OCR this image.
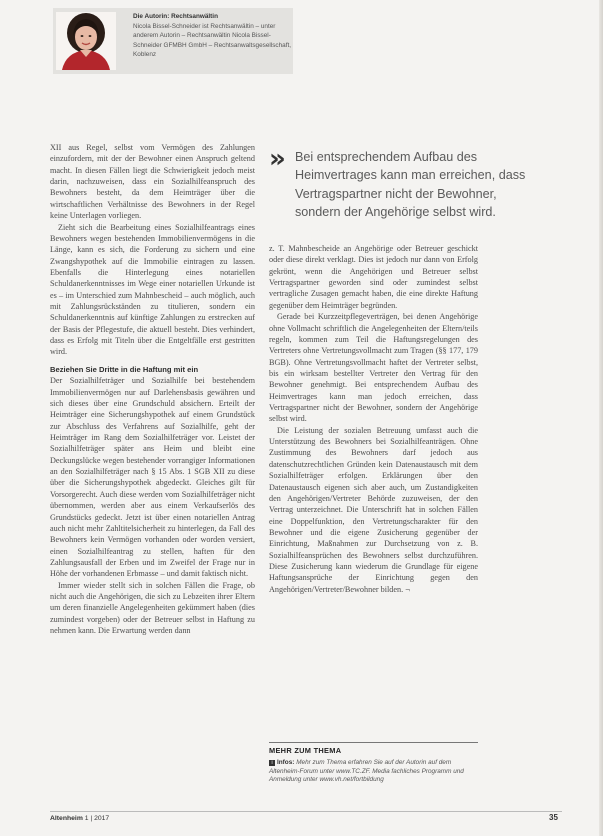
Die Autorin: Rechtsanwältin
Nicola Bissel-Schneider ist Rechtsanwältin – unter anderem Autorin – Rechtsanwältin Nicola Bissel-Schneider GFMBH GmbH – Rechtsanwaltsgesellschaft, Koblenz
» Bei entsprechendem Aufbau des Heimvertrages kann man erreichen, dass Vertragspartner nicht der Bewohner, sondern der Angehörige selbst wird.

XII aus Regel, selbst vom Vermögen des Zahlungen einzufordern, mit der der Bewohner einen Anspruch geltend macht. In diesen Fällen liegt die Schwierigkeit jedoch meist darin, nachzuweisen, dass ein Sozialhilfeanspruch des Bewohners besteht, da dem Heimträger über die wirtschaftlichen Verhältnisse des Bewohners in der Regel keine Unterlagen vorliegen.

Zieht sich die Bearbeitung eines Sozialhilfeantrags eines Bewohners wegen bestehenden Immobilienvermögens in die Länge, kann es sich, die Forderung zu sichern und eine Zwangshypothek auf die Immobilie eintragen zu lassen. Ebenfalls die Hinterlegung eines notariellen Schuldanerkenntnisses im Wege einer notariellen Urkunde ist es – im Unterschied zum Mahnbescheid – auch möglich, auch mit Zahlungsrückständen zu titulieren, sondern ein Schuldanerkenntnis auf künftige Zahlungen zu erstrecken auf der Basis der Pflegestufe, die aktuell besteht. Dies verhindert, dass es Erfolg mit Titeln über die Entgeltfälle erst gestritten wird.

Beziehen Sie Dritte in die Haftung mit ein

Der Sozialhilfeträger und Sozialhilfe bei bestehendem Immobilienvermögen nur auf Darlehensbasis gewähren und sich dieses über eine Grundschuld absichern. Erteilt der Heimträger eine Sicherungshypothek auf einem Grundstück zur Abschluss des Verfahrens auf Sozialhilfe, geht der Heimträger im Rang dem Sozialhilfeträger vor. Leistet der Sozialhilfeträger später ans Heim und bleibt eine Deckungslücke wegen bestehender vorrangiger Informationen an den Sozialhilfeträger nach § 15 Abs. 1 SGB XII zu diese über die Sicherungshypothek abgedeckt. Gleiches gilt für Vorsorgerecht. Auch diese werden vom Sozialhilfeträger nicht übernommen, werden aber aus einem Verkaufserlös des Grundstücks gedeckt. Jetzt ist über einen notariellen Antrag auch nicht mehr Zahltitelsicherheit zu hinterlegen, da Fall des Bewohners kein Vermögen vorhanden oder worden versiert, einen Sozialhilfeantrag zu stellen, haften für den Zahlungsausfall der Erben und im Zweifel der Frage nur in Höhe der vorhandenen Erbmasse – und damit faktisch nicht.

Immer wieder stellt sich in solchen Fällen die Frage, ob nicht auch die Angehörigen, die sich zu Lebzeiten ihrer Eltern um deren finanzielle Angelegenheiten gekümmert haben (dies zumindest vorgeben) oder der Betreuer selbst in Haftung zu nehmen kann. Die Erwartung werden dann

z. T. Mahnbescheide an Angehörige oder Betreuer geschickt oder diese direkt verklagt. Dies ist jedoch nur dann von Erfolg gekrönt, wenn die Angehörigen und Betreuer selbst Vertragspartner geworden sind oder zumindest selbst vertragliche Zusagen gemacht haben, die eine direkte Haftung gegenüber dem Heimträger begründen.

Gerade bei Kurzzeitpflegeverträgen, bei denen Angehörige ohne Vollmacht schriftlich die Angelegenheiten der Eltern/teils regeln, kommen zum Teil die Haftungsregelungen des Vertreters ohne Vertretungsvollmacht zum Tragen (§§ 177, 179 BGB). Ohne Vertretungsvollmacht haftet der Vertreter selbst, bis ein wirksam bestellter Vertreter den Vertrag für den Bewohner genehmigt. Bei entsprechendem Aufbau des Heimvertrages kann man jedoch erreichen, dass Vertragspartner nicht der Bewohner, sondern der Angehörige selbst wird.

Die Leistung der sozialen Betreuung umfasst auch die Unterstützung des Bewohners bei Sozialhilfeanträgen. Ohne Zustimmung des Bewohners darf jedoch aus datenschutzrechtlichen Gründen kein Datenaustausch mit dem Sozialhilfeträger erfolgen. Erklärungen über den Datenaustausch eigenen sich aber auch, um Zustandigkeiten den Angehörigen/Vertreter Behörde zuzuweisen, der den Vertrag unterzeichnet. Die Unterschrift hat in solchen Fällen eine Doppelfunktion, den Vertretungscharakter für den Bewohner und die eigene Zusicherung gegenüber der Einrichtung, Maßnahmen zur Durchsetzung von z. B. Sozialhilfeansprüchen des Bewohners selbst durchzuführen. Diese Zusicherung kann wiederum die Grundlage für eigene Haftungsansprüche der Einrichtung gegen den Angehörigen/Vertreter/Bewohner bilden. ¬

MEHR ZUM THEMA
i Infos: Mehr zum Thema erfahren Sie auf der Autorin auf dem Altenheim-Forum unter www.TC.ZF. Media fachliches Programm und Anmeldung unter www.vh.net/fortbildung
Altenheim 1 | 2017	35
